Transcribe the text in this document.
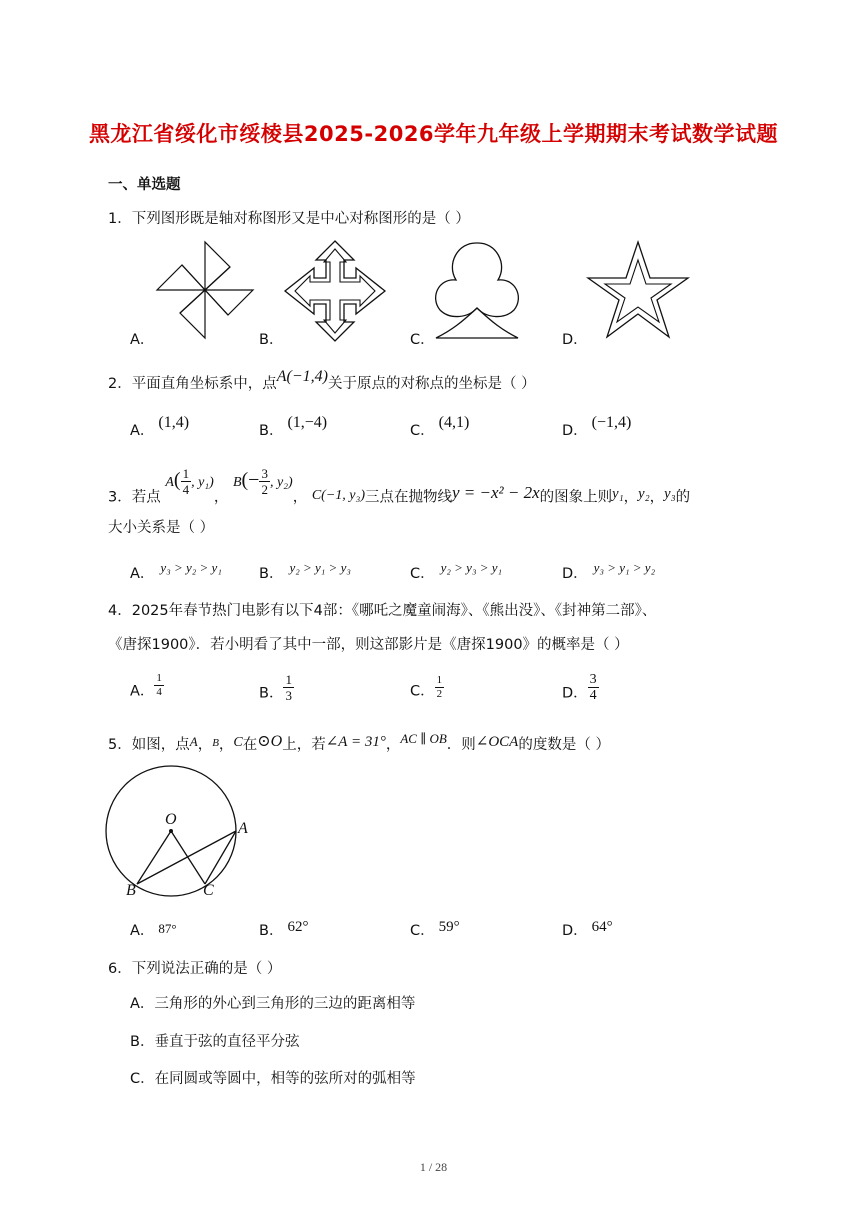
黑龙江省绥化市绥棱县2025-2026学年九年级上学期期末考试数学试题
一、单选题
1．下列图形既是轴对称图形又是中心对称图形的是（ ）
A．	B．	C．	D．
2．平面直角坐标系中，点A(−1,4)关于原点的对称点的坐标是（ ）
A． (1,4)	B． (1,−4)	C． (4,1)	D． (−1,4)
3．若点 $A( \frac{1}{4}$ , y₁)， $B(- \frac{3}{2}$ , y₂)， C(−1, y₃)三点在抛物线y = −x² − 2x的图象上则y₁，y₂，y₃的
大小关系是（ ）
A． y₃ > y₂ > y₁	B． y₂ > y₁ > y₃	C． y₂ > y₃ > y₁	D． y₃ > y₁ > y₂
4．2025年春节热门电影有以下4部：《哪吒之魔童闹海》、《熊出没》、《封神第二部》、
《唐探1900》．若小明看了其中一部，则这部影片是《唐探1900》的概率是（ ）
A． $\frac{1}{4}$	B． $\frac{1}{3}$	C． $\frac{1}{2}$	D． $\frac{3}{4}$
5．如图，点A，$^B$，C在⊙O上，若∠A = 31°，AC ∥ OB．则∠OCA的度数是（ ）
O
A
B	C
A． 87°	B． 62°	C． 59°	D． 64°
6．下列说法正确的是（ ）
A．三角形的外心到三角形的三边的距离相等
B．垂直于弦的直径平分弦
C．在同圆或等圆中，相等的弦所对的弧相等
1 / 28
